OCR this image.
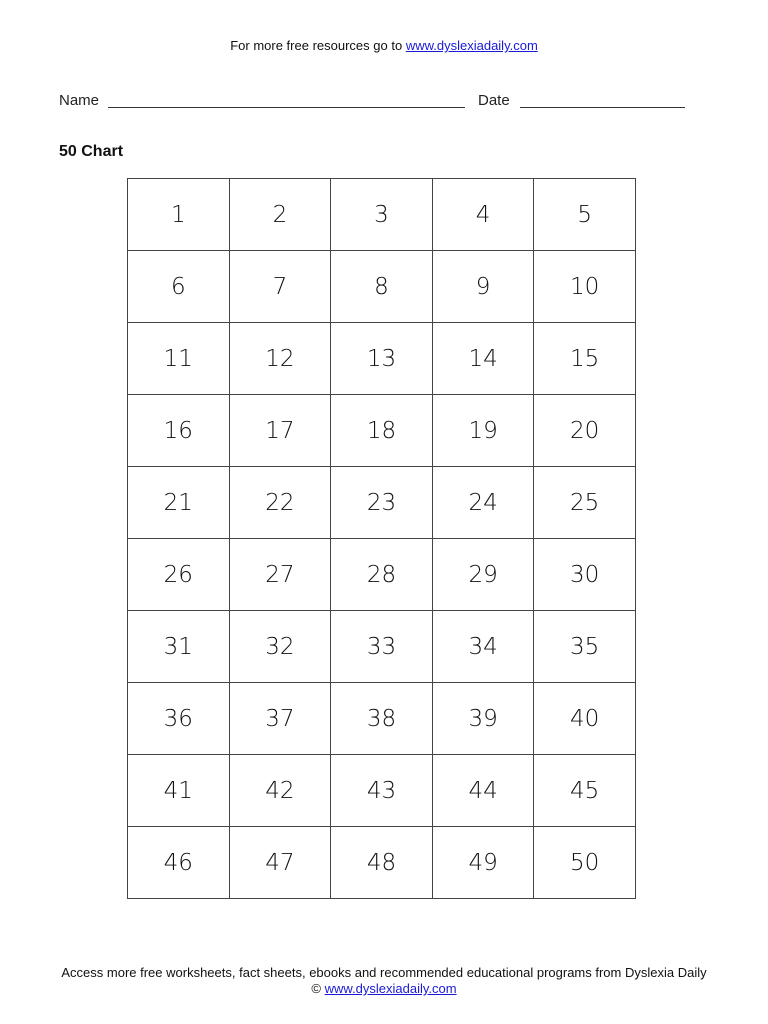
For more free resources go to www.dyslexiadaily.com
Name	Date
50 Chart
1	2	3	4	5
6	7	8	9	10
11	12	13	14	15
16	17	18	19	20
21	22	23	24	25
26	27	28	29	30
31	32	33	34	35
36	37	38	39	40
41	42	43	44	45
46	47	48	49	50
Access more free worksheets, fact sheets, ebooks and recommended educational programs from Dyslexia Daily
© www.dyslexiadaily.com
